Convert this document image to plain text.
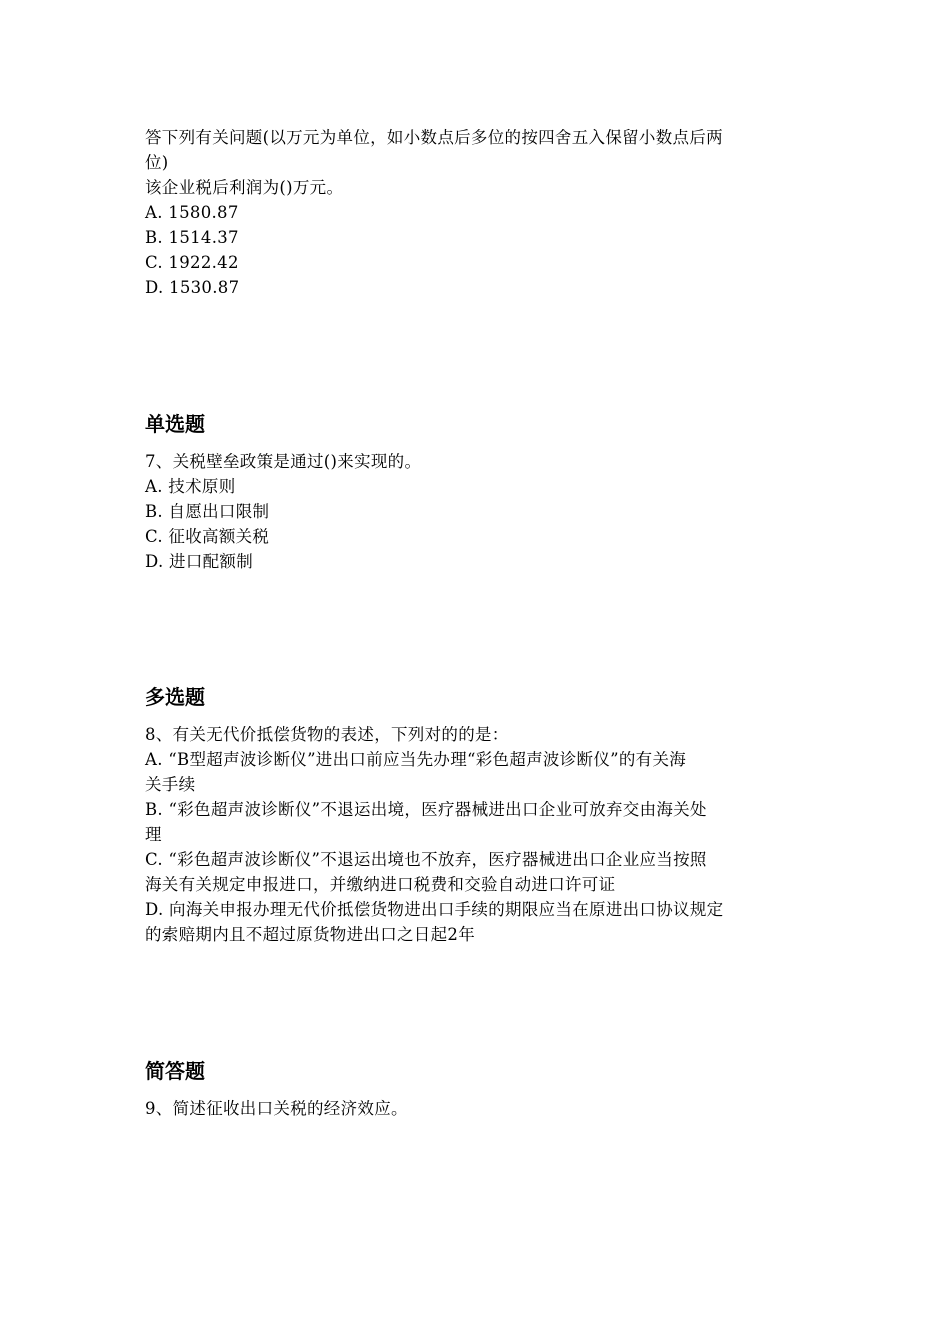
答下列有关问题(以万元为单位，如小数点后多位的按四舍五入保留小数点后两
位)
该企业税后利润为()万元。
A. 1580.87
B. 1514.37
C. 1922.42
D. 1530.87
单选题
7、关税壁垒政策是通过()来实现的。
A. 技术原则
B. 自愿出口限制
C. 征收高额关税
D. 进口配额制
多选题
8、有关无代价抵偿货物的表述，下列对的的是：
A. “B型超声波诊断仪”进出口前应当先办理“彩色超声波诊断仪”的有关海
关手续
B. “彩色超声波诊断仪”不退运出境，医疗器械进出口企业可放弃交由海关处
理
C. “彩色超声波诊断仪”不退运出境也不放弃，医疗器械进出口企业应当按照
海关有关规定申报进口，并缴纳进口税费和交验自动进口许可证
D. 向海关申报办理无代价抵偿货物进出口手续的期限应当在原进出口协议规定
的索赔期内且不超过原货物进出口之日起2年
简答题
9、简述征收出口关税的经济效应。
